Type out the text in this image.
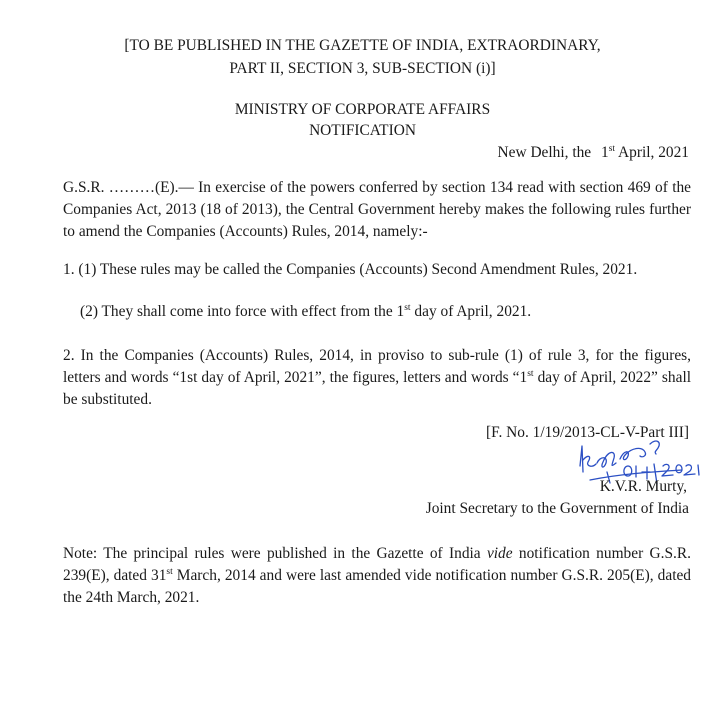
[TO BE PUBLISHED IN THE GAZETTE OF INDIA, EXTRAORDINARY,
PART II, SECTION 3, SUB-SECTION (i)]
MINISTRY OF CORPORATE AFFAIRS
NOTIFICATION
New Delhi, the 1st April, 2021
G.S.R. ………(E).— In exercise of the powers conferred by section 134 read with section 469 of the Companies Act, 2013 (18 of 2013), the Central Government hereby makes the following rules further to amend the Companies (Accounts) Rules, 2014, namely:-
1. (1) These rules may be called the Companies (Accounts) Second Amendment Rules, 2021.
(2) They shall come into force with effect from the 1st day of April, 2021.
2. In the Companies (Accounts) Rules, 2014, in proviso to sub-rule (1) of rule 3, for the figures, letters and words “1st day of April, 2021”, the figures, letters and words “1st day of April, 2022” shall be substituted.
[F. No. 1/19/2013-CL-V-Part III]
K.V.R. Murty,
Joint Secretary to the Government of India
Note: The principal rules were published in the Gazette of India vide notification number G.S.R. 239(E), dated 31st March, 2014 and were last amended vide notification number G.S.R. 205(E), dated the 24th March, 2021.
